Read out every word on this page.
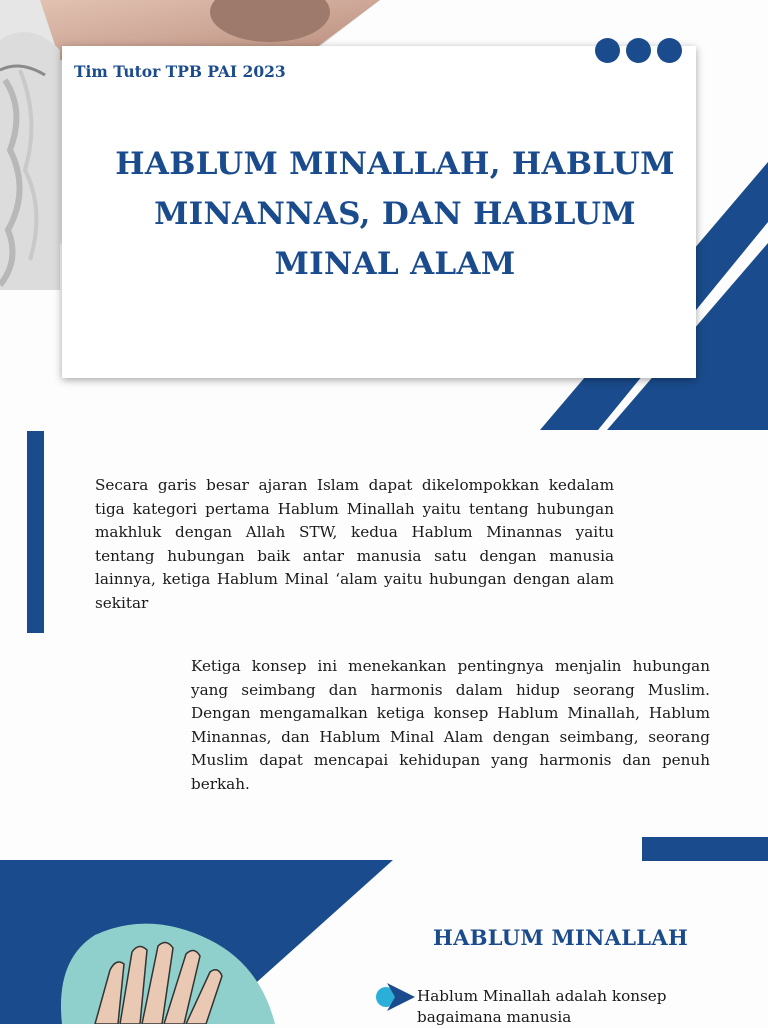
Tim Tutor TPB PAI 2023
HABLUM MINALLAH, HABLUM MINANNAS, DAN HABLUM MINAL ALAM
Secara garis besar ajaran Islam dapat dikelompokkan kedalam tiga kategori pertama Hablum Minallah yaitu tentang hubungan makhluk dengan Allah STW, kedua Hablum Minannas yaitu tentang hubungan baik antar manusia satu dengan manusia lainnya, ketiga Hablum Minal ‘alam yaitu hubungan dengan alam sekitar
Ketiga konsep ini menekankan pentingnya menjalin hubungan yang seimbang dan harmonis dalam hidup seorang Muslim. Dengan mengamalkan ketiga konsep Hablum Minallah, Hablum Minannas, dan Hablum Minal Alam dengan seimbang, seorang Muslim dapat mencapai kehidupan yang harmonis dan penuh berkah.
HABLUM MINALLAH
Hablum Minallah adalah konsep bagaimana manusia
